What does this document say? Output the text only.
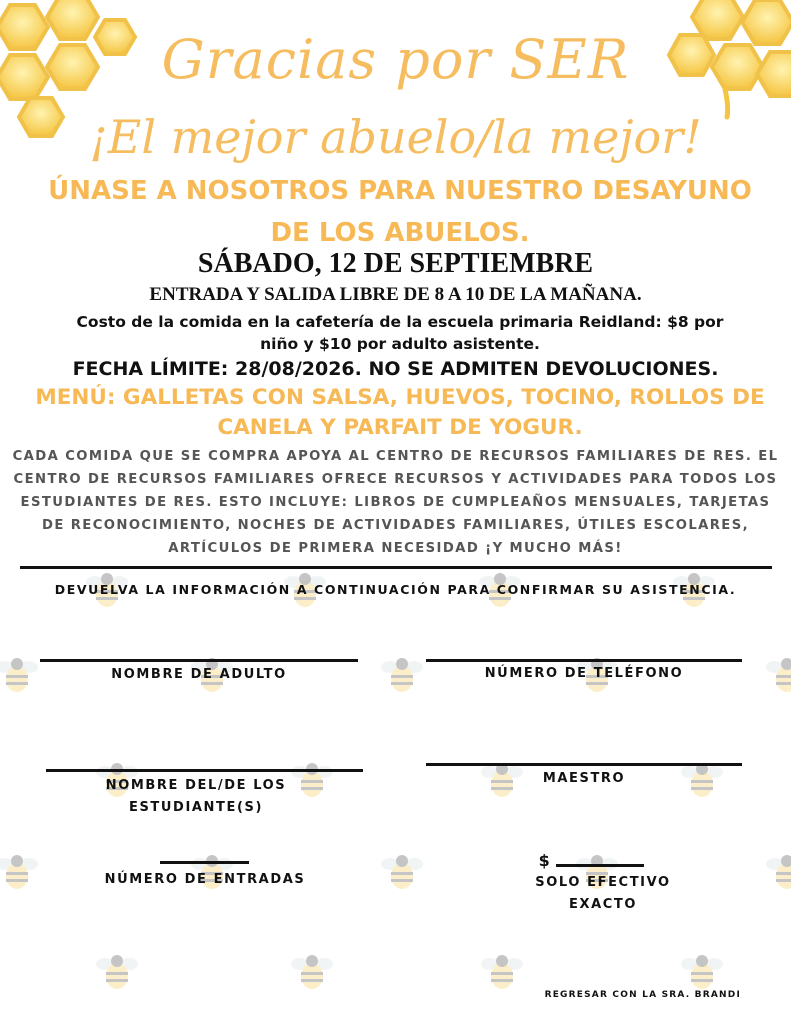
Gracias por SER
¡El mejor abuelo/la mejor!
ÚNASE A NOSOTROS PARA NUESTRO DESAYUNO DE LOS ABUELOS.
SÁBADO, 12 DE SEPTIEMBRE
ENTRADA Y SALIDA LIBRE DE 8 A 10 DE LA MAÑANA.
Costo de la comida en la cafetería de la escuela primaria Reidland: $8 por niño y $10 por adulto asistente.
FECHA LÍMITE: 28/08/2026. NO SE ADMITEN DEVOLUCIONES.
MENÚ: GALLETAS CON SALSA, HUEVOS, TOCINO, ROLLOS DE CANELA Y PARFAIT DE YOGUR.
CADA COMIDA QUE SE COMPRA APOYA AL CENTRO DE RECURSOS FAMILIARES DE RES. EL CENTRO DE RECURSOS FAMILIARES OFRECE RECURSOS Y ACTIVIDADES PARA TODOS LOS ESTUDIANTES DE RES. ESTO INCLUYE: LIBROS DE CUMPLEAÑOS MENSUALES, TARJETAS DE RECONOCIMIENTO, NOCHES DE ACTIVIDADES FAMILIARES, ÚTILES ESCOLARES, ARTÍCULOS DE PRIMERA NECESIDAD ¡Y MUCHO MÁS!
DEVUELVA LA INFORMACIÓN A CONTINUACIÓN PARA CONFIRMAR SU ASISTENCIA.
NOMBRE DE ADULTO	NÚMERO DE TELÉFONO
NOMBRE DEL/DE LOS ESTUDIANTE(S)
MAESTRO
NÚMERO DE ENTRADAS
$
SOLO EFECTIVO EXACTO
REGRESAR CON LA SRA. BRANDI
